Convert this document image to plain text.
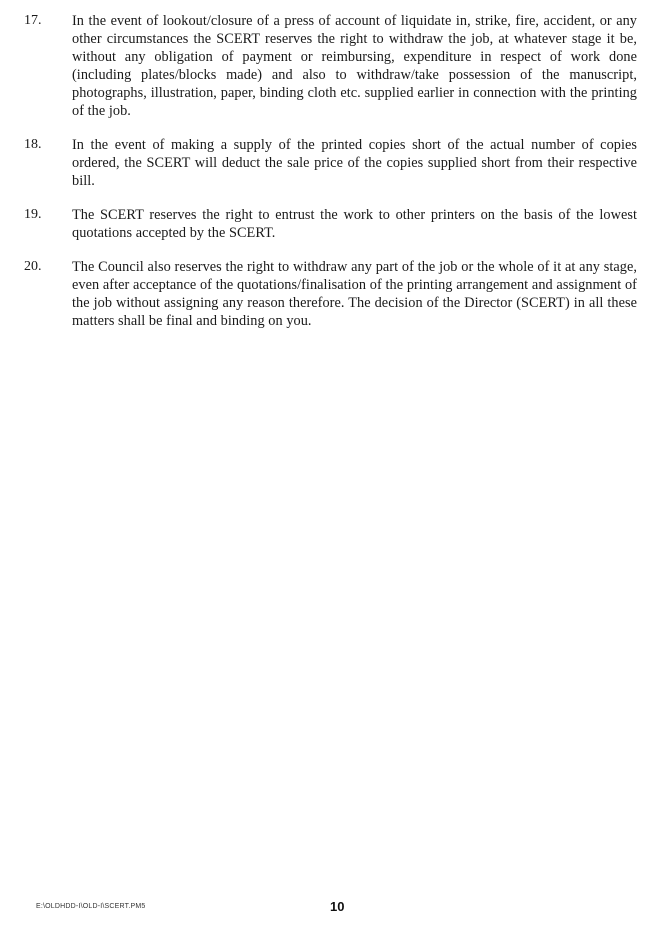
17.	In the event of lookout/closure of a press of account of liquidate in, strike, fire, accident, or any other circumstances the SCERT reserves the right to withdraw the job, at whatever stage it be, without any obligation of payment or reimbursing, expenditure in respect of work done (including plates/blocks made) and also to withdraw/take possession of the manuscript, photographs, illustration, paper, binding cloth etc. supplied earlier in connection with the printing of the job.
18.	In the event of making a supply of the printed copies short of the actual number of copies ordered, the SCERT will deduct the sale price of the copies supplied short from their respective bill.
19.	The SCERT reserves the right to entrust the work to other printers on the basis of the lowest quotations accepted by the SCERT.
20.	The Council also reserves the right to withdraw any part of the job or the whole of it at any stage, even after acceptance of the quotations/finalisation of the printing arrangement and assignment of the job without assigning any reason therefore. The decision of the Director (SCERT) in all these matters shall be final and binding on you.
E:\OLDHDD-I\OLD-I\SCERT.PM5	10
